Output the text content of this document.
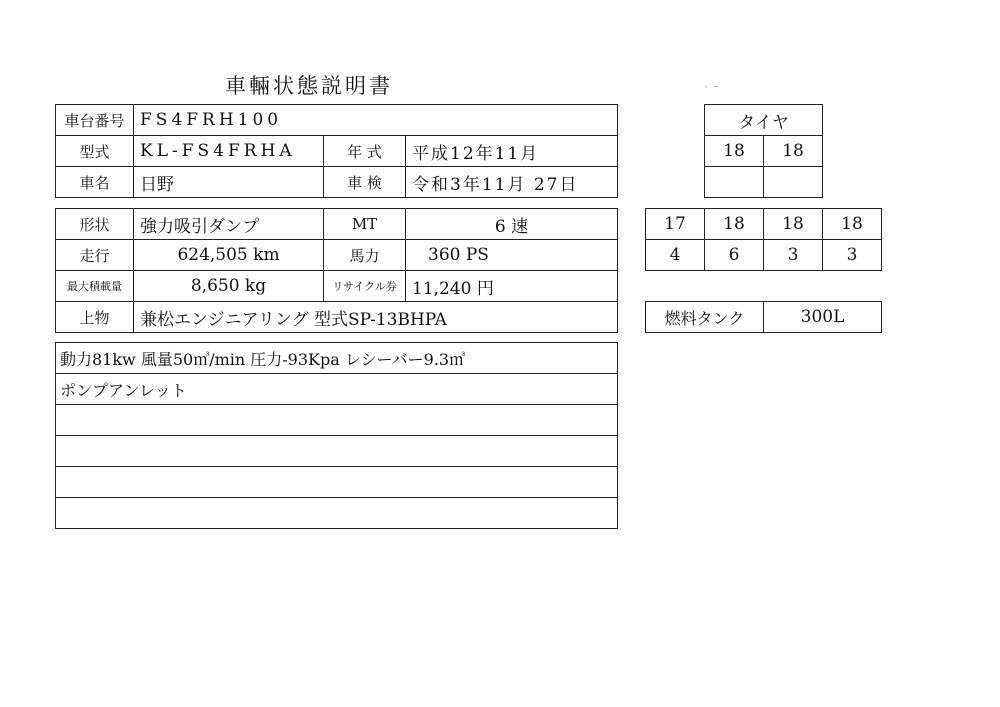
車輛状態説明書	- ∽
車台番号	FS4FRH100		
型式	KL-FS4FRHA	年 式	平成12年11月
車名	日野	車 検	令和3年11月 27日
形状	強力吸引ダンプ	MT	6 速
走行	624,505 km	馬力	360 PS
最大積載量	8,650 kg	リサイクル券	11,240 円
上物	兼松エンジニアリング 型式SP-13BHPA		
動力81kw 風量50㎥/min 圧力-93Kpa レシーバー9.3㎥
ポンプアンレット

タイヤ	
18	18

17	18	18	18
4	6	3	3
燃料タンク	300L
